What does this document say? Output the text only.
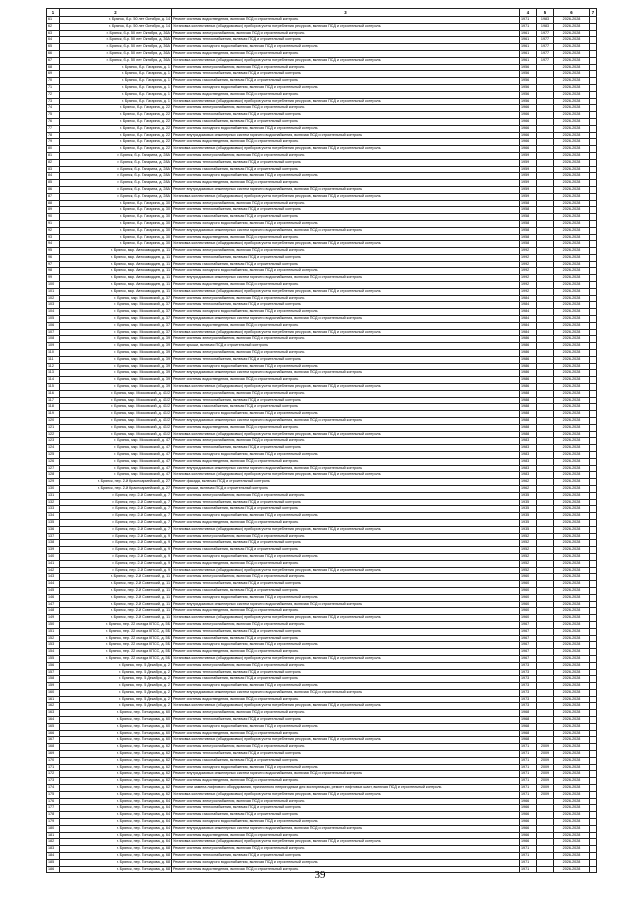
1	2	3	4	5	6	7
61	г. Брянск, б-р. 50 лет Октября, д. 14	Ремонт системы водоотведения, включая ПСД и строительный контроль	1971	1983	2026-2028	
62	г. Брянск, б-р. 50 лет Октября, д. 14	Установка коллективных (общедомовых) приборов учета потребления ресурсов, включая ПСД и строительный контроль	1971	1983	2026-2028	
63	г. Брянск, б-р. 50 лет Октября, д. 36А	Ремонт системы электроснабжения, включая ПСД и строительный контроль	1961	1977	2026-2028	
64	г. Брянск, б-р. 50 лет Октября, д. 36А	Ремонт системы теплоснабжения, включая ПСД и строительный контроль	1961	1977	2026-2028	
65	г. Брянск, б-р. 50 лет Октября, д. 36А	Ремонт системы холодного водоснабжения, включая ПСД и строительный контроль	1961	1977	2026-2028	
66	г. Брянск, б-р. 50 лет Октября, д. 36А	Ремонт системы водоотведения, включая ПСД и строительный контроль	1961	1977	2026-2028	
67	г. Брянск, б-р. 50 лет Октября, д. 36А	Установка коллективных (общедомовых) приборов учета потребления ресурсов, включая ПСД и строительный контроль	1961	1977	2026-2028	
68	г. Брянск, б-р. Гагарина, д. 1	Ремонт системы электроснабжения, включая ПСД и строительный контроль	1956		2026-2028	
69	г. Брянск, б-р. Гагарина, д. 1	Ремонт системы теплоснабжения, включая ПСД и строительный контроль	1956		2026-2028	
70	г. Брянск, б-р. Гагарина, д. 1	Ремонт системы газоснабжения, включая ПСД и строительный контроль	1956		2026-2028	
71	г. Брянск, б-р. Гагарина, д. 1	Ремонт системы холодного водоснабжения, включая ПСД и строительный контроль	1956		2026-2028	
72	г. Брянск, б-р. Гагарина, д. 1	Ремонт системы водоотведения, включая ПСД и строительный контроль	1956		2026-2028	
73	г. Брянск, б-р. Гагарина, д. 1	Установка коллективных (общедомовых) приборов учета потребления ресурсов, включая ПСД и строительный контроль	1956		2026-2028	
74	г. Брянск, б-р. Гагарина, д. 22	Ремонт системы электроснабжения, включая ПСД и строительный контроль	1966		2026-2028	
75	г. Брянск, б-р. Гагарина, д. 22	Ремонт системы теплоснабжения, включая ПСД и строительный контроль	1966		2026-2028	
76	г. Брянск, б-р. Гагарина, д. 22	Ремонт системы газоснабжения, включая ПСД и строительный контроль	1966		2026-2028	
77	г. Брянск, б-р. Гагарина, д. 22	Ремонт системы холодного водоснабжения, включая ПСД и строительный контроль	1966		2026-2028	
78	г. Брянск, б-р. Гагарина, д. 22	Ремонт внутридомовых инженерных систем горячего водоснабжения, включая ПСД и строительный контроль	1966		2026-2028	
79	г. Брянск, б-р. Гагарина, д. 22	Ремонт системы водоотведения, включая ПСД и строительный контроль	1966		2026-2028	
80	г. Брянск, б-р. Гагарина, д. 22	Установка коллективных (общедомовых) приборов учета потребления ресурсов, включая ПСД и строительный контроль	1966		2026-2028	
81	г. Брянск, б-р. Гагарина, д. 28А	Ремонт системы электроснабжения, включая ПСД и строительный контроль	1959		2026-2028	
82	г. Брянск, б-р. Гагарина, д. 28А	Ремонт системы теплоснабжения, включая ПСД и строительный контроль	1959		2026-2028	
83	г. Брянск, б-р. Гагарина, д. 28А	Ремонт системы газоснабжения, включая ПСД и строительный контроль	1959		2026-2028	
84	г. Брянск, б-р. Гагарина, д. 28А	Ремонт системы холодного водоснабжения, включая ПСД и строительный контроль	1959		2026-2028	
85	г. Брянск, б-р. Гагарина, д. 28А	Ремонт системы водоотведения, включая ПСД и строительный контроль	1959		2026-2028	
86	г. Брянск, б-р. Гагарина, д. 28А	Ремонт внутридомовых инженерных систем горячего водоснабжения, включая ПСД и строительный контроль	1959		2026-2028	
87	г. Брянск, б-р. Гагарина, д. 28А	Установка коллективных (общедомовых) приборов учета потребления ресурсов, включая ПСД и строительный контроль	1959		2026-2028	
88	г. Брянск, б-р. Гагарина, д. 30	Ремонт системы электроснабжения, включая ПСД и строительный контроль	1958		2026-2028	
89	г. Брянск, б-р. Гагарина, д. 30	Ремонт системы теплоснабжения, включая ПСД и строительный контроль	1958		2026-2028	
90	г. Брянск, б-р. Гагарина, д. 30	Ремонт системы газоснабжения, включая ПСД и строительный контроль	1958		2026-2028	
91	г. Брянск, б-р. Гагарина, д. 30	Ремонт системы холодного водоснабжения, включая ПСД и строительный контроль	1958		2026-2028	
92	г. Брянск, б-р. Гагарина, д. 30	Ремонт внутридомовых инженерных систем горячего водоснабжения, включая ПСД и строительный контроль	1958		2026-2028	
93	г. Брянск, б-р. Гагарина, д. 30	Ремонт системы водоотведения, включая ПСД и строительный контроль	1958		2026-2028	
94	г. Брянск, б-р. Гагарина, д. 30	Установка коллективных (общедомовых) приборов учета потребления ресурсов, включая ПСД и строительный контроль	1958		2026-2028	
95	г. Брянск, мкр. Автозаводцев, д. 11	Ремонт системы электроснабжения, включая ПСД и строительный контроль	1992		2026-2028	
96	г. Брянск, мкр. Автозаводцев, д. 11	Ремонт системы теплоснабжения, включая ПСД и строительный контроль	1992		2026-2028	
97	г. Брянск, мкр. Автозаводцев, д. 11	Ремонт системы газоснабжения, включая ПСД и строительный контроль	1992		2026-2028	
98	г. Брянск, мкр. Автозаводцев, д. 11	Ремонт системы холодного водоснабжения, включая ПСД и строительный контроль	1992		2026-2028	
99	г. Брянск, мкр. Автозаводцев, д. 11	Ремонт внутридомовых инженерных систем горячего водоснабжения, включая ПСД и строительный контроль	1992		2026-2028	
100	г. Брянск, мкр. Автозаводцев, д. 11	Ремонт системы водоотведения, включая ПСД и строительный контроль	1992		2026-2028	
101	г. Брянск, мкр. Автозаводцев, д. 11	Установка коллективных (общедомовых) приборов учета потребления ресурсов, включая ПСД и строительный контроль	1992		2026-2028	
102	г. Брянск, мкр. Московский, д. 37	Ремонт системы электроснабжения, включая ПСД и строительный контроль	1984		2026-2028	
103	г. Брянск, мкр. Московский, д. 37	Ремонт системы теплоснабжения, включая ПСД и строительный контроль	1984		2026-2028	
104	г. Брянск, мкр. Московский, д. 37	Ремонт системы холодного водоснабжения, включая ПСД и строительный контроль	1984		2026-2028	
105	г. Брянск, мкр. Московский, д. 37	Ремонт внутридомовых инженерных систем горячего водоснабжения, включая ПСД и строительный контроль	1984		2026-2028	
106	г. Брянск, мкр. Московский, д. 37	Ремонт системы водоотведения, включая ПСД и строительный контроль	1984		2026-2028	
107	г. Брянск, мкр. Московский, д. 37	Установка коллективных (общедомовых) приборов учета потребления ресурсов, включая ПСД и строительный контроль	1984		2026-2028	
108	г. Брянск, мкр. Московский, д. 39	Ремонт системы электроснабжения, включая ПСД и строительный контроль	1986		2026-2028	
109	г. Брянск, мкр. Московский, д. 39	Ремонт крыши, включая ПСД и строительный контроль	1986		2026-2028	
110	г. Брянск, мкр. Московский, д. 39	Ремонт системы электроснабжения, включая ПСД и строительный контроль	1986		2026-2028	
111	г. Брянск, мкр. Московский, д. 39	Ремонт системы теплоснабжения, включая ПСД и строительный контроль	1986		2026-2028	
112	г. Брянск, мкр. Московский, д. 39	Ремонт системы холодного водоснабжения, включая ПСД и строительный контроль	1986		2026-2028	
113	г. Брянск, мкр. Московский, д. 39	Ремонт внутридомовых инженерных систем горячего водоснабжения, включая ПСД и строительный контроль	1986		2026-2028	
114	г. Брянск, мкр. Московский, д. 39	Ремонт системы водоотведения, включая ПСД и строительный контроль	1986		2026-2028	
115	г. Брянск, мкр. Московский, д. 39	Установка коллективных (общедомовых) приборов учета потребления ресурсов, включая ПСД и строительный контроль	1986		2026-2028	
116	г. Брянск, мкр. Московский, д. 41/2	Ремонт системы электроснабжения, включая ПСД и строительный контроль	1988		2026-2028	
117	г. Брянск, мкр. Московский, д. 41/2	Ремонт системы теплоснабжения, включая ПСД и строительный контроль	1988		2026-2028	
118	г. Брянск, мкр. Московский, д. 41/2	Ремонт системы газоснабжения, включая ПСД и строительный контроль	1988		2026-2028	
119	г. Брянск, мкр. Московский, д. 41/2	Ремонт системы холодного водоснабжения, включая ПСД и строительный контроль	1988		2026-2028	
120	г. Брянск, мкр. Московский, д. 41/2	Ремонт внутридомовых инженерных систем горячего водоснабжения, включая ПСД и строительный контроль	1988		2026-2028	
121	г. Брянск, мкр. Московский, д. 41/2	Ремонт системы водоотведения, включая ПСД и строительный контроль	1988		2026-2028	
122	г. Брянск, мкр. Московский, д. 41/2	Установка коллективных (общедомовых) приборов учета потребления ресурсов, включая ПСД и строительный контроль	1988		2026-2028	
123	г. Брянск, мкр. Московский, д. 47	Ремонт системы электроснабжения, включая ПСД и строительный контроль	1983		2026-2028	
124	г. Брянск, мкр. Московский, д. 47	Ремонт системы теплоснабжения, включая ПСД и строительный контроль	1983		2026-2028	
125	г. Брянск, мкр. Московский, д. 47	Ремонт системы холодного водоснабжения, включая ПСД и строительный контроль	1983		2026-2028	
126	г. Брянск, мкр. Московский, д. 47	Ремонт системы водоотведения, включая ПСД и строительный контроль	1983		2026-2028	
127	г. Брянск, мкр. Московский, д. 47	Ремонт внутридомовых инженерных систем горячего водоснабжения, включая ПСД и строительный контроль	1983		2026-2028	
128	г. Брянск, мкр. Московский, д. 47	Установка коллективных (общедомовых) приборов учета потребления ресурсов, включая ПСД и строительный контроль	1983		2026-2028	
129	г. Брянск, пер. 2-й Красноармейский, д. 27	Ремонт фасада, включая ПСД и строительный контроль	1962		2026-2028	
130	г. Брянск, пер. 2-й Красноармейский, д. 27	Ремонт крыши, включая ПСД и строительный контроль	1962		2026-2028	
131	г. Брянск, пер. 2-й Советский, д. 7	Ремонт системы электроснабжения, включая ПСД и строительный контроль	1935		2026-2028	
132	г. Брянск, пер. 2-й Советский, д. 7	Ремонт системы теплоснабжения, включая ПСД и строительный контроль	1935		2026-2028	
133	г. Брянск, пер. 2-й Советский, д. 7	Ремонт системы газоснабжения, включая ПСД и строительный контроль	1935		2026-2028	
134	г. Брянск, пер. 2-й Советский, д. 7	Ремонт системы холодного водоснабжения, включая ПСД и строительный контроль	1935		2026-2028	
135	г. Брянск, пер. 2-й Советский, д. 7	Ремонт системы водоотведения, включая ПСД и строительный контроль	1935		2026-2028	
136	г. Брянск, пер. 2-й Советский, д. 7	Установка коллективных (общедомовых) приборов учета потребления ресурсов, включая ПСД и строительный контроль	1935		2026-2028	
137	г. Брянск, пер. 2-й Советский, д. 9	Ремонт системы электроснабжения, включая ПСД и строительный контроль	1952		2026-2028	
138	г. Брянск, пер. 2-й Советский, д. 9	Ремонт системы теплоснабжения, включая ПСД и строительный контроль	1952		2026-2028	
139	г. Брянск, пер. 2-й Советский, д. 9	Ремонт системы газоснабжения, включая ПСД и строительный контроль	1952		2026-2028	
140	г. Брянск, пер. 2-й Советский, д. 9	Ремонт системы холодного водоснабжения, включая ПСД и строительный контроль	1952		2026-2028	
141	г. Брянск, пер. 2-й Советский, д. 9	Ремонт системы водоотведения, включая ПСД и строительный контроль	1952		2026-2028	
142	г. Брянск, пер. 2-й Советский, д. 9	Установка коллективных (общедомовых) приборов учета потребления ресурсов, включая ПСД и строительный контроль	1952		2026-2028	
143	г. Брянск, пер. 2-й Советский, д. 11	Ремонт системы электроснабжения, включая ПСД и строительный контроль	1960		2026-2028	
144	г. Брянск, пер. 2-й Советский, д. 11	Ремонт системы теплоснабжения, включая ПСД и строительный контроль	1960		2026-2028	
145	г. Брянск, пер. 2-й Советский, д. 11	Ремонт системы газоснабжения, включая ПСД и строительный контроль	1960		2026-2028	
146	г. Брянск, пер. 2-й Советский, д. 11	Ремонт системы холодного водоснабжения, включая ПСД и строительный контроль	1960		2026-2028	
147	г. Брянск, пер. 2-й Советский, д. 11	Ремонт внутридомовых инженерных систем горячего водоснабжения, включая ПСД и строительный контроль	1960		2026-2028	
148	г. Брянск, пер. 2-й Советский, д. 11	Ремонт системы водоотведения, включая ПСД и строительный контроль	1960		2026-2028	
149	г. Брянск, пер. 2-й Советский, д. 11	Установка коллективных (общедомовых) приборов учета потребления ресурсов, включая ПСД и строительный контроль	1960		2026-2028	
150	г. Брянск, пер. 22 съезда КПСС, д. 5Б	Ремонт системы электроснабжения, включая ПСД и строительный контроль	1967		2026-2028	
151	г. Брянск, пер. 22 съезда КПСС, д. 5Б	Ремонт системы теплоснабжения, включая ПСД и строительный контроль	1967		2026-2028	
152	г. Брянск, пер. 22 съезда КПСС, д. 5Б	Ремонт системы газоснабжения, включая ПСД и строительный контроль	1967		2026-2028	
153	г. Брянск, пер. 22 съезда КПСС, д. 5Б	Ремонт системы холодного водоснабжения, включая ПСД и строительный контроль	1967		2026-2028	
154	г. Брянск, пер. 22 съезда КПСС, д. 5Б	Ремонт системы водоотведения, включая ПСД и строительный контроль	1967		2026-2028	
155	г. Брянск, пер. 22 съезда КПСС, д. 5Б	Установка коллективных (общедомовых) приборов учета потребления ресурсов, включая ПСД и строительный контроль	1967		2026-2028	
156	г. Брянск, пер. 5 Декабря, д. 2	Ремонт системы электроснабжения, включая ПСД и строительный контроль	1973		2026-2028	
157	г. Брянск, пер. 5 Декабря, д. 2	Ремонт системы теплоснабжения, включая ПСД и строительный контроль	1973		2026-2028	
158	г. Брянск, пер. 5 Декабря, д. 2	Ремонт системы газоснабжения, включая ПСД и строительный контроль	1973		2026-2028	
159	г. Брянск, пер. 5 Декабря, д. 2	Ремонт системы холодного водоснабжения, включая ПСД и строительный контроль	1973		2026-2028	
160	г. Брянск, пер. 5 Декабря, д. 2	Ремонт внутридомовых инженерных систем горячего водоснабжения, включая ПСД и строительный контроль	1973		2026-2028	
161	г. Брянск, пер. 5 Декабря, д. 2	Ремонт системы водоотведения, включая ПСД и строительный контроль	1973		2026-2028	
162	г. Брянск, пер. 5 Декабря, д. 2	Установка коллективных (общедомовых) приборов учета потребления ресурсов, включая ПСД и строительный контроль	1973		2026-2028	
163	г. Брянск, пер. Гончарова, д. 60	Ремонт системы электроснабжения, включая ПСД и строительный контроль	1968		2026-2028	
164	г. Брянск, пер. Гончарова, д. 60	Ремонт системы теплоснабжения, включая ПСД и строительный контроль	1968		2026-2028	
165	г. Брянск, пер. Гончарова, д. 60	Ремонт системы холодного водоснабжения, включая ПСД и строительный контроль	1968		2026-2028	
166	г. Брянск, пер. Гончарова, д. 60	Ремонт системы водоотведения, включая ПСД и строительный контроль	1968		2026-2028	
167	г. Брянск, пер. Гончарова, д. 60	Установка коллективных (общедомовых) приборов учета потребления ресурсов, включая ПСД и строительный контроль	1968		2026-2028	
168	г. Брянск, пер. Гончарова, д. 62	Ремонт системы электроснабжения, включая ПСД и строительный контроль	1971	2009	2026-2028	
169	г. Брянск, пер. Гончарова, д. 62	Ремонт системы теплоснабжения, включая ПСД и строительный контроль	1971	2009	2026-2028	
170	г. Брянск, пер. Гончарова, д. 62	Ремонт системы газоснабжения, включая ПСД и строительный контроль	1971	2009	2026-2028	
171	г. Брянск, пер. Гончарова, д. 62	Ремонт системы холодного водоснабжения, включая ПСД и строительный контроль	1971	2009	2026-2028	
172	г. Брянск, пер. Гончарова, д. 62	Ремонт внутридомовых инженерных систем горячего водоснабжения, включая ПСД и строительный контроль	1971	2009	2026-2028	
173	г. Брянск, пер. Гончарова, д. 62	Ремонт системы водоотведения, включая ПСД и строительный контроль	1971	2009	2026-2028	
174	г. Брянск, пер. Гончарова, д. 62	Ремонт или замена лифтового оборудования, признанного непригодным для эксплуатации, ремонт лифтовых шахт, включая ПСД и строительный контроль	1971	2009	2026-2028	
175	г. Брянск, пер. Гончарова, д. 62	Установка коллективных (общедомовых) приборов учета потребления ресурсов, включая ПСД и строительный контроль	1971	2009	2026-2028	
176	г. Брянск, пер. Гончарова, д. 64	Ремонт системы электроснабжения, включая ПСД и строительный контроль	1966		2026-2028	
177	г. Брянск, пер. Гончарова, д. 64	Ремонт системы теплоснабжения, включая ПСД и строительный контроль	1966		2026-2028	
178	г. Брянск, пер. Гончарова, д. 64	Ремонт системы газоснабжения, включая ПСД и строительный контроль	1966		2026-2028	
179	г. Брянск, пер. Гончарова, д. 64	Ремонт системы холодного водоснабжения, включая ПСД и строительный контроль	1966		2026-2028	
180	г. Брянск, пер. Гончарова, д. 64	Ремонт внутридомовых инженерных систем горячего водоснабжения, включая ПСД и строительный контроль	1966		2026-2028	
181	г. Брянск, пер. Гончарова, д. 64	Ремонт системы водоотведения, включая ПСД и строительный контроль	1966		2026-2028	
182	г. Брянск, пер. Гончарова, д. 64	Установка коллективных (общедомовых) приборов учета потребления ресурсов, включая ПСД и строительный контроль	1966		2026-2028	
183	г. Брянск, пер. Гончарова, д. 68	Ремонт системы электроснабжения, включая ПСД и строительный контроль	1971		2026-2028	
184	г. Брянск, пер. Гончарова, д. 68	Ремонт системы теплоснабжения, включая ПСД и строительный контроль	1971		2026-2028	
185	г. Брянск, пер. Гончарова, д. 68	Ремонт системы холодного водоснабжения, включая ПСД и строительный контроль	1971		2026-2028	
186	г. Брянск, пер. Гончарова, д. 68	Ремонт системы водоотведения, включая ПСД и строительный контроль	1971		2026-2028	
39
